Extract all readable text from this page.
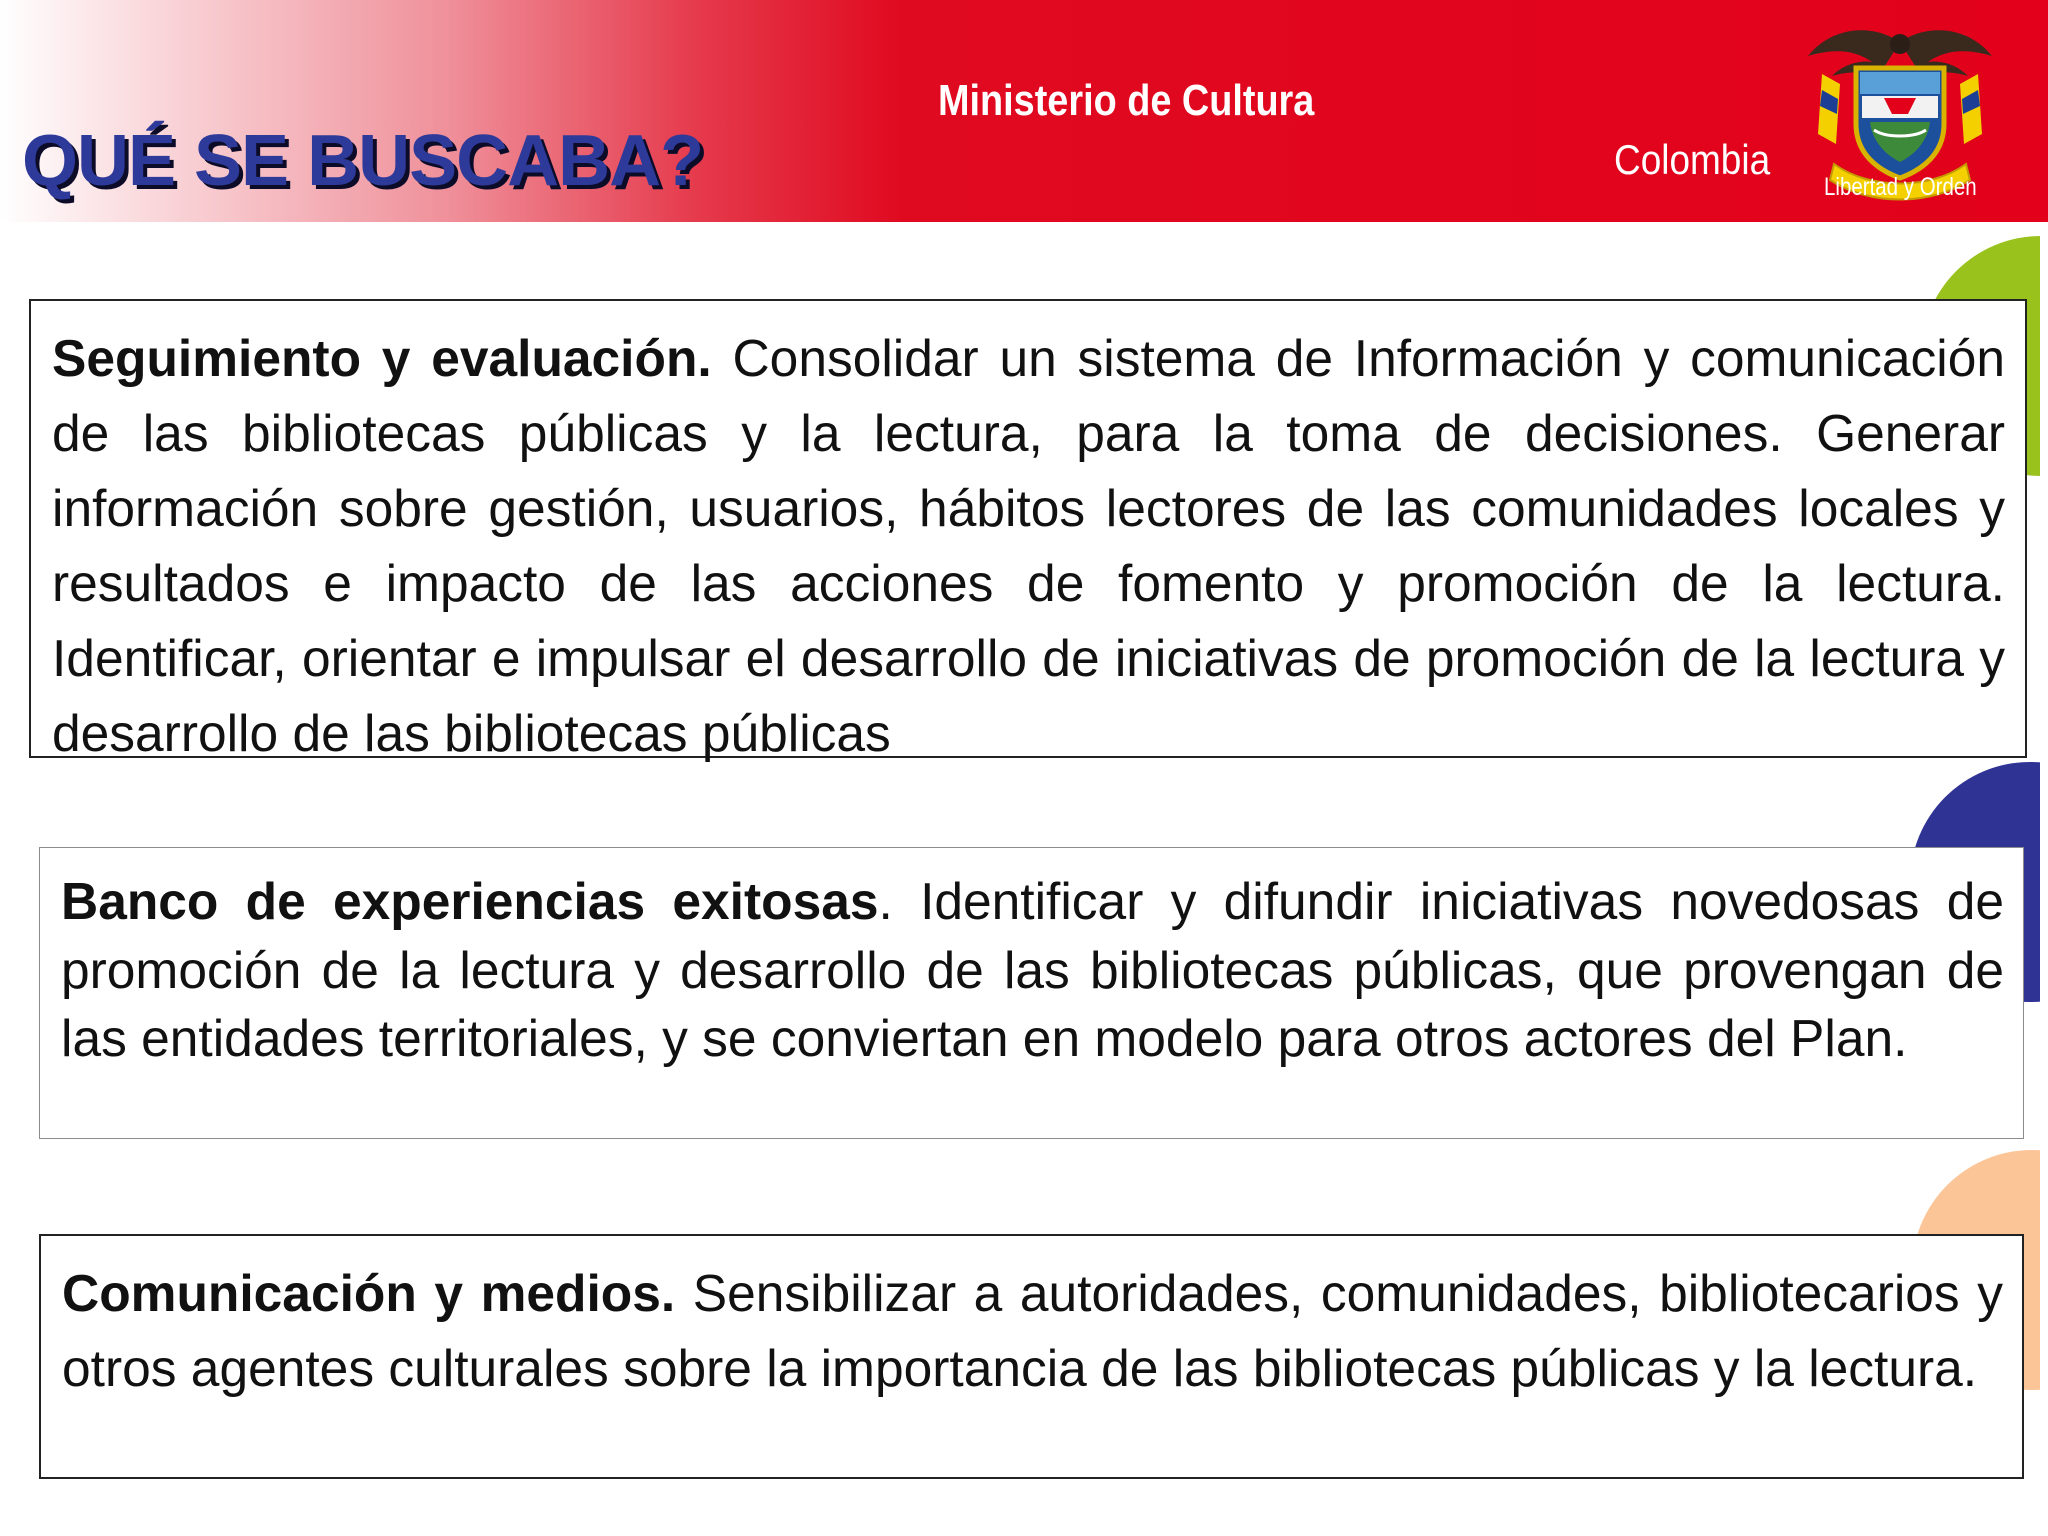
QUÉ SE BUSCABA?
Ministerio de Cultura
Colombia
Libertad y Orden
Seguimiento y evaluación. Consolidar un sistema de Información y comunicación de las bibliotecas públicas y la lectura, para la toma de decisiones. Generar información sobre gestión, usuarios, hábitos lectores de las comunidades locales y resultados e impacto de las acciones de fomento y promoción de la lectura. Identificar, orientar e impulsar el desarrollo de iniciativas de promoción de la lectura y desarrollo de las bibliotecas públicas
Banco de experiencias exitosas. Identificar y difundir iniciativas novedosas de promoción de la lectura y desarrollo de las bibliotecas públicas, que provengan de las entidades territoriales, y se conviertan en modelo para otros actores del Plan.
Comunicación y medios. Sensibilizar a autoridades, comunidades, bibliotecarios y otros agentes culturales sobre la importancia de las bibliotecas públicas y la lectura.
